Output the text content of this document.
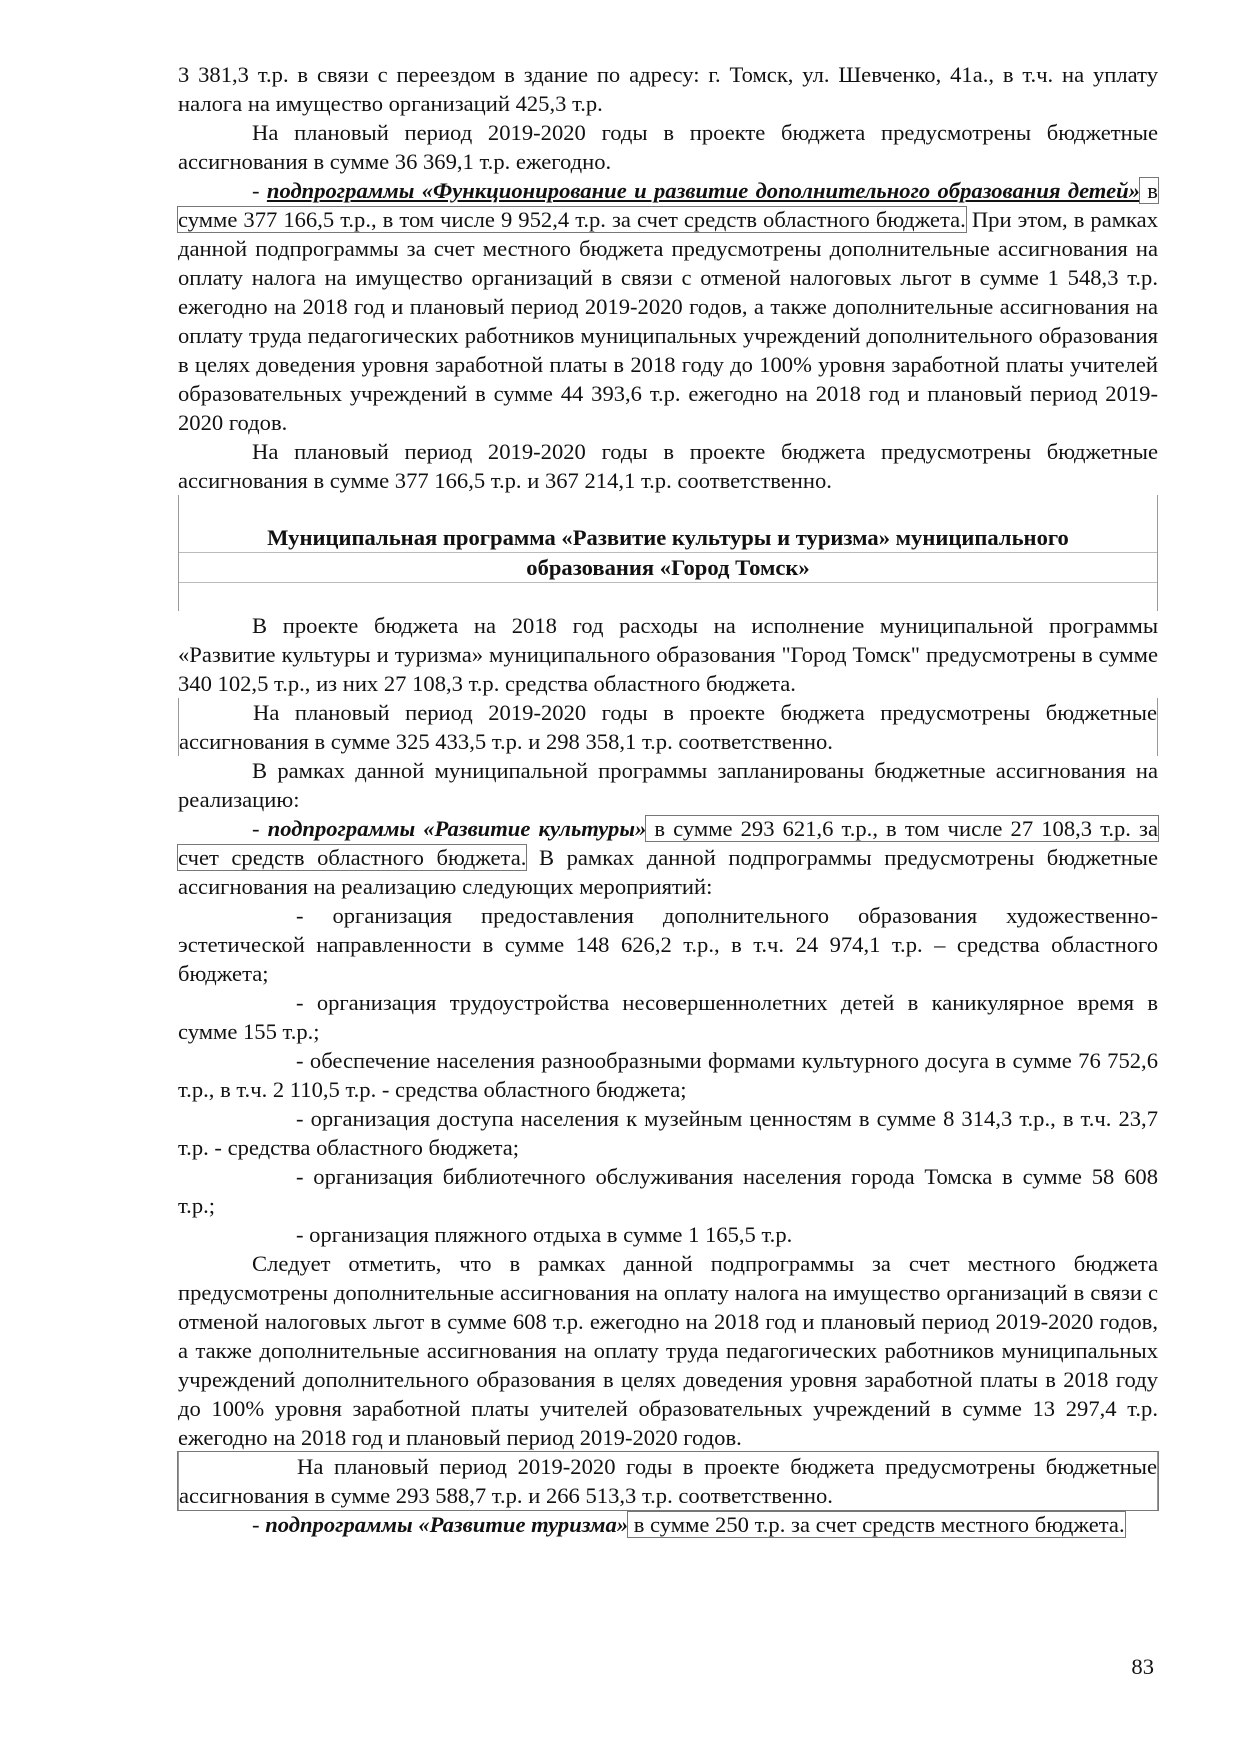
3 381,3 т.р. в связи с переездом в здание по адресу: г. Томск, ул. Шевченко, 41а., в т.ч. на уплату налога на имущество организаций 425,3 т.р.

На плановый период 2019-2020 годы в проекте бюджета предусмотрены бюджетные ассигнования в сумме 36 369,1 т.р. ежегодно.

- подпрограммы «Функционирование и развитие дополнительного образования детей» в сумме 377 166,5 т.р., в том числе 9 952,4 т.р. за счет средств областного бюджета. При этом, в рамках данной подпрограммы за счет местного бюджета предусмотрены дополнительные ассигнования на оплату налога на имущество организаций в связи с отменой налоговых льгот в сумме 1 548,3 т.р. ежегодно на 2018 год и плановый период 2019-2020 годов, а также дополнительные ассигнования на оплату труда педагогических работников муниципальных учреждений дополнительного образования в целях доведения уровня заработной платы в 2018 году до 100% уровня заработной платы учителей образовательных учреждений в сумме 44 393,6 т.р. ежегодно на 2018 год и плановый период 2019-2020 годов.

На плановый период 2019-2020 годы в проекте бюджета предусмотрены бюджетные ассигнования в сумме 377 166,5 т.р. и 367 214,1 т.р. соответственно.

Муниципальная программа «Развитие культуры и туризма» муниципального

образования «Город Томск»

В проекте бюджета на 2018 год расходы на исполнение муниципальной программы «Развитие культуры и туризма» муниципального образования "Город Томск" предусмотрены в сумме 340 102,5 т.р., из них 27 108,3 т.р. средства областного бюджета.

На плановый период 2019-2020 годы в проекте бюджета предусмотрены бюджетные ассигнования в сумме 325 433,5 т.р. и 298 358,1 т.р. соответственно.

В рамках данной муниципальной программы запланированы бюджетные ассигнования на реализацию:

- подпрограммы «Развитие культуры» в сумме 293 621,6 т.р., в том числе 27 108,3 т.р. за счет средств областного бюджета. В рамках данной подпрограммы предусмотрены бюджетные ассигнования на реализацию следующих мероприятий:

- организация предоставления дополнительного образования художественно-эстетической направленности в сумме 148 626,2 т.р., в т.ч. 24 974,1 т.р. – средства областного бюджета;

- организация трудоустройства несовершеннолетних детей в каникулярное время в сумме 155 т.р.;

- обеспечение населения разнообразными формами культурного досуга в сумме 76 752,6 т.р., в т.ч. 2 110,5 т.р. - средства областного бюджета;

- организация доступа населения к музейным ценностям в сумме 8 314,3 т.р., в т.ч. 23,7 т.р. - средства областного бюджета;

- организация библиотечного обслуживания населения города Томска в сумме 58 608 т.р.;

- организация пляжного отдыха в сумме 1 165,5 т.р.

Следует отметить, что в рамках данной подпрограммы за счет местного бюджета предусмотрены дополнительные ассигнования на оплату налога на имущество организаций в связи с отменой налоговых льгот в сумме 608 т.р. ежегодно на 2018 год и плановый период 2019-2020 годов, а также дополнительные ассигнования на оплату труда педагогических работников муниципальных учреждений дополнительного образования в целях доведения уровня заработной платы в 2018 году до 100% уровня заработной платы учителей образовательных учреждений в сумме 13 297,4 т.р. ежегодно на 2018 год и плановый период 2019-2020 годов.

На плановый период 2019-2020 годы в проекте бюджета предусмотрены бюджетные ассигнования в сумме 293 588,7 т.р. и 266 513,3 т.р. соответственно.

- подпрограммы «Развитие туризма» в сумме 250 т.р. за счет средств местного бюджета.

83
